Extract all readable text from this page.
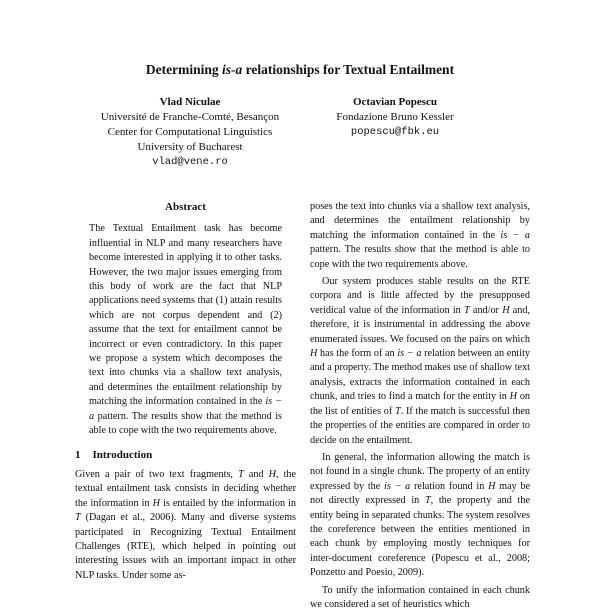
Determining is-a relationships for Textual Entailment
Vlad Niculae
Université de Franche-Comté, Besançon
Center for Computational Linguistics
University of Bucharest
vlad@vene.ro
Octavian Popescu
Fondazione Bruno Kessler
popescu@fbk.eu
Abstract

The Textual Entailment task has become influential in NLP and many researchers have become interested in applying it to other tasks. However, the two major issues emerging from this body of work are the fact that NLP applications need systems that (1) attain results which are not corpus dependent and (2) assume that the text for entailment cannot be incorrect or even contradictory. In this paper we propose a system which decomposes the text into chunks via a shallow text analysis, and determines the entailment relationship by matching the information contained in the is − a pattern. The results show that the method is able to cope with the two requirements above.

1 Introduction

Given a pair of two text fragments, T and H, the textual entailment task consists in deciding whether the information in H is entailed by the information in T (Dagan et al., 2006). Many and diverse systems participated in Recognizing Textual Entailment Challenges (RTE), which helped in pointing out interesting issues with an important impact in other NLP tasks. Under some as-

poses the text into chunks via a shallow text analysis, and determines the entailment relationship by matching the information contained in the is − a pattern. The results show that the method is able to cope with the two requirements above.

Our system produces stable results on the RTE corpora and is little affected by the presupposed veridical value of the information in T and/or H and, therefore, it is instrumental in addressing the above enumerated issues. We focused on the pairs on which H has the form of an is − a relation between an entity and a property. The method makes use of shallow text analysis, extracts the information contained in each chunk, and tries to find a match for the entity in H on the list of entities of T. If the match is successful then the properties of the entities are compared in order to decide on the entailment.

In general, the information allowing the match is not found in a single chunk. The property of an entity expressed by the is − a relation found in H may be not directly expressed in T, the property and the entity being in separated chunks. The system resolves the coreference between the entities mentioned in each chunk by employing mostly techniques for inter-document coreference (Popescu et al., 2008; Ponzetto and Poesio, 2009).

To unify the information contained in each chunk we considered a set of heuristics which
